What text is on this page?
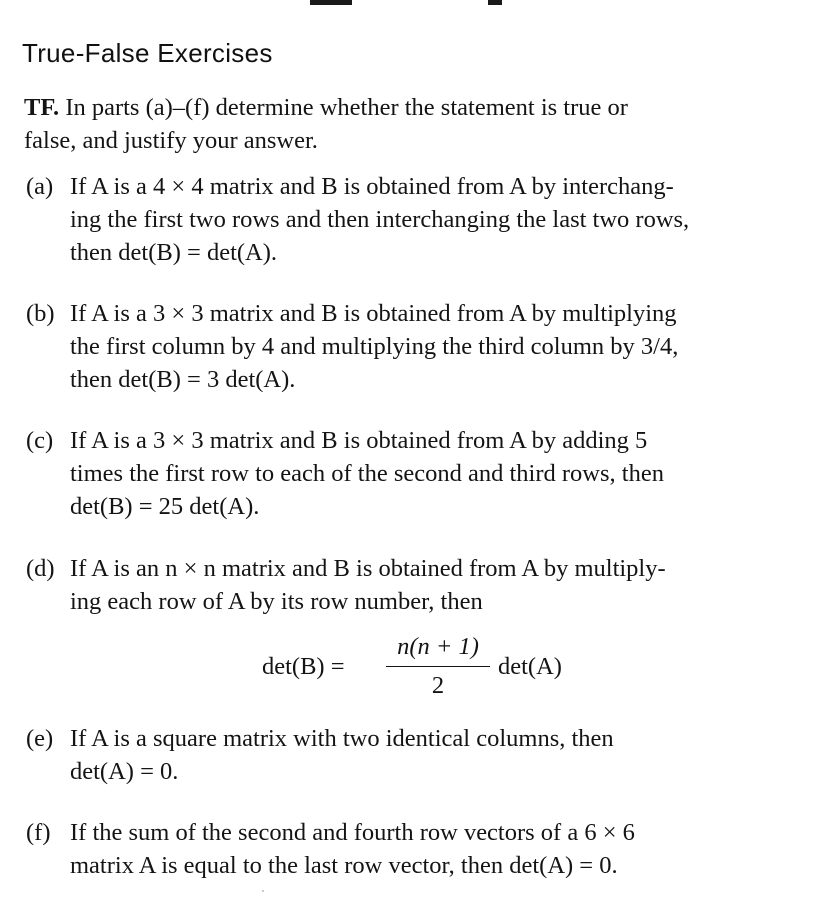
True-False Exercises
TF. In parts (a)–(f) determine whether the statement is true or
false, and justify your answer.
(a) If A is a 4 × 4 matrix and B is obtained from A by interchang-
ing the first two rows and then interchanging the last two rows,
then det(B) = det(A).
(b) If A is a 3 × 3 matrix and B is obtained from A by multiplying
the first column by 4 and multiplying the third column by 3/4,
then det(B) = 3 det(A).
(c) If A is a 3 × 3 matrix and B is obtained from A by adding 5
times the first row to each of the second and third rows, then
det(B) = 25 det(A).
(d) If A is an n × n matrix and B is obtained from A by multiply-
ing each row of A by its row number, then
det(B) =
n(n + 1)
2
det(A)
(e) If A is a square matrix with two identical columns, then
det(A) = 0.
(f) If the sum of the second and fourth row vectors of a 6 × 6
matrix A is equal to the last row vector, then det(A) = 0.
